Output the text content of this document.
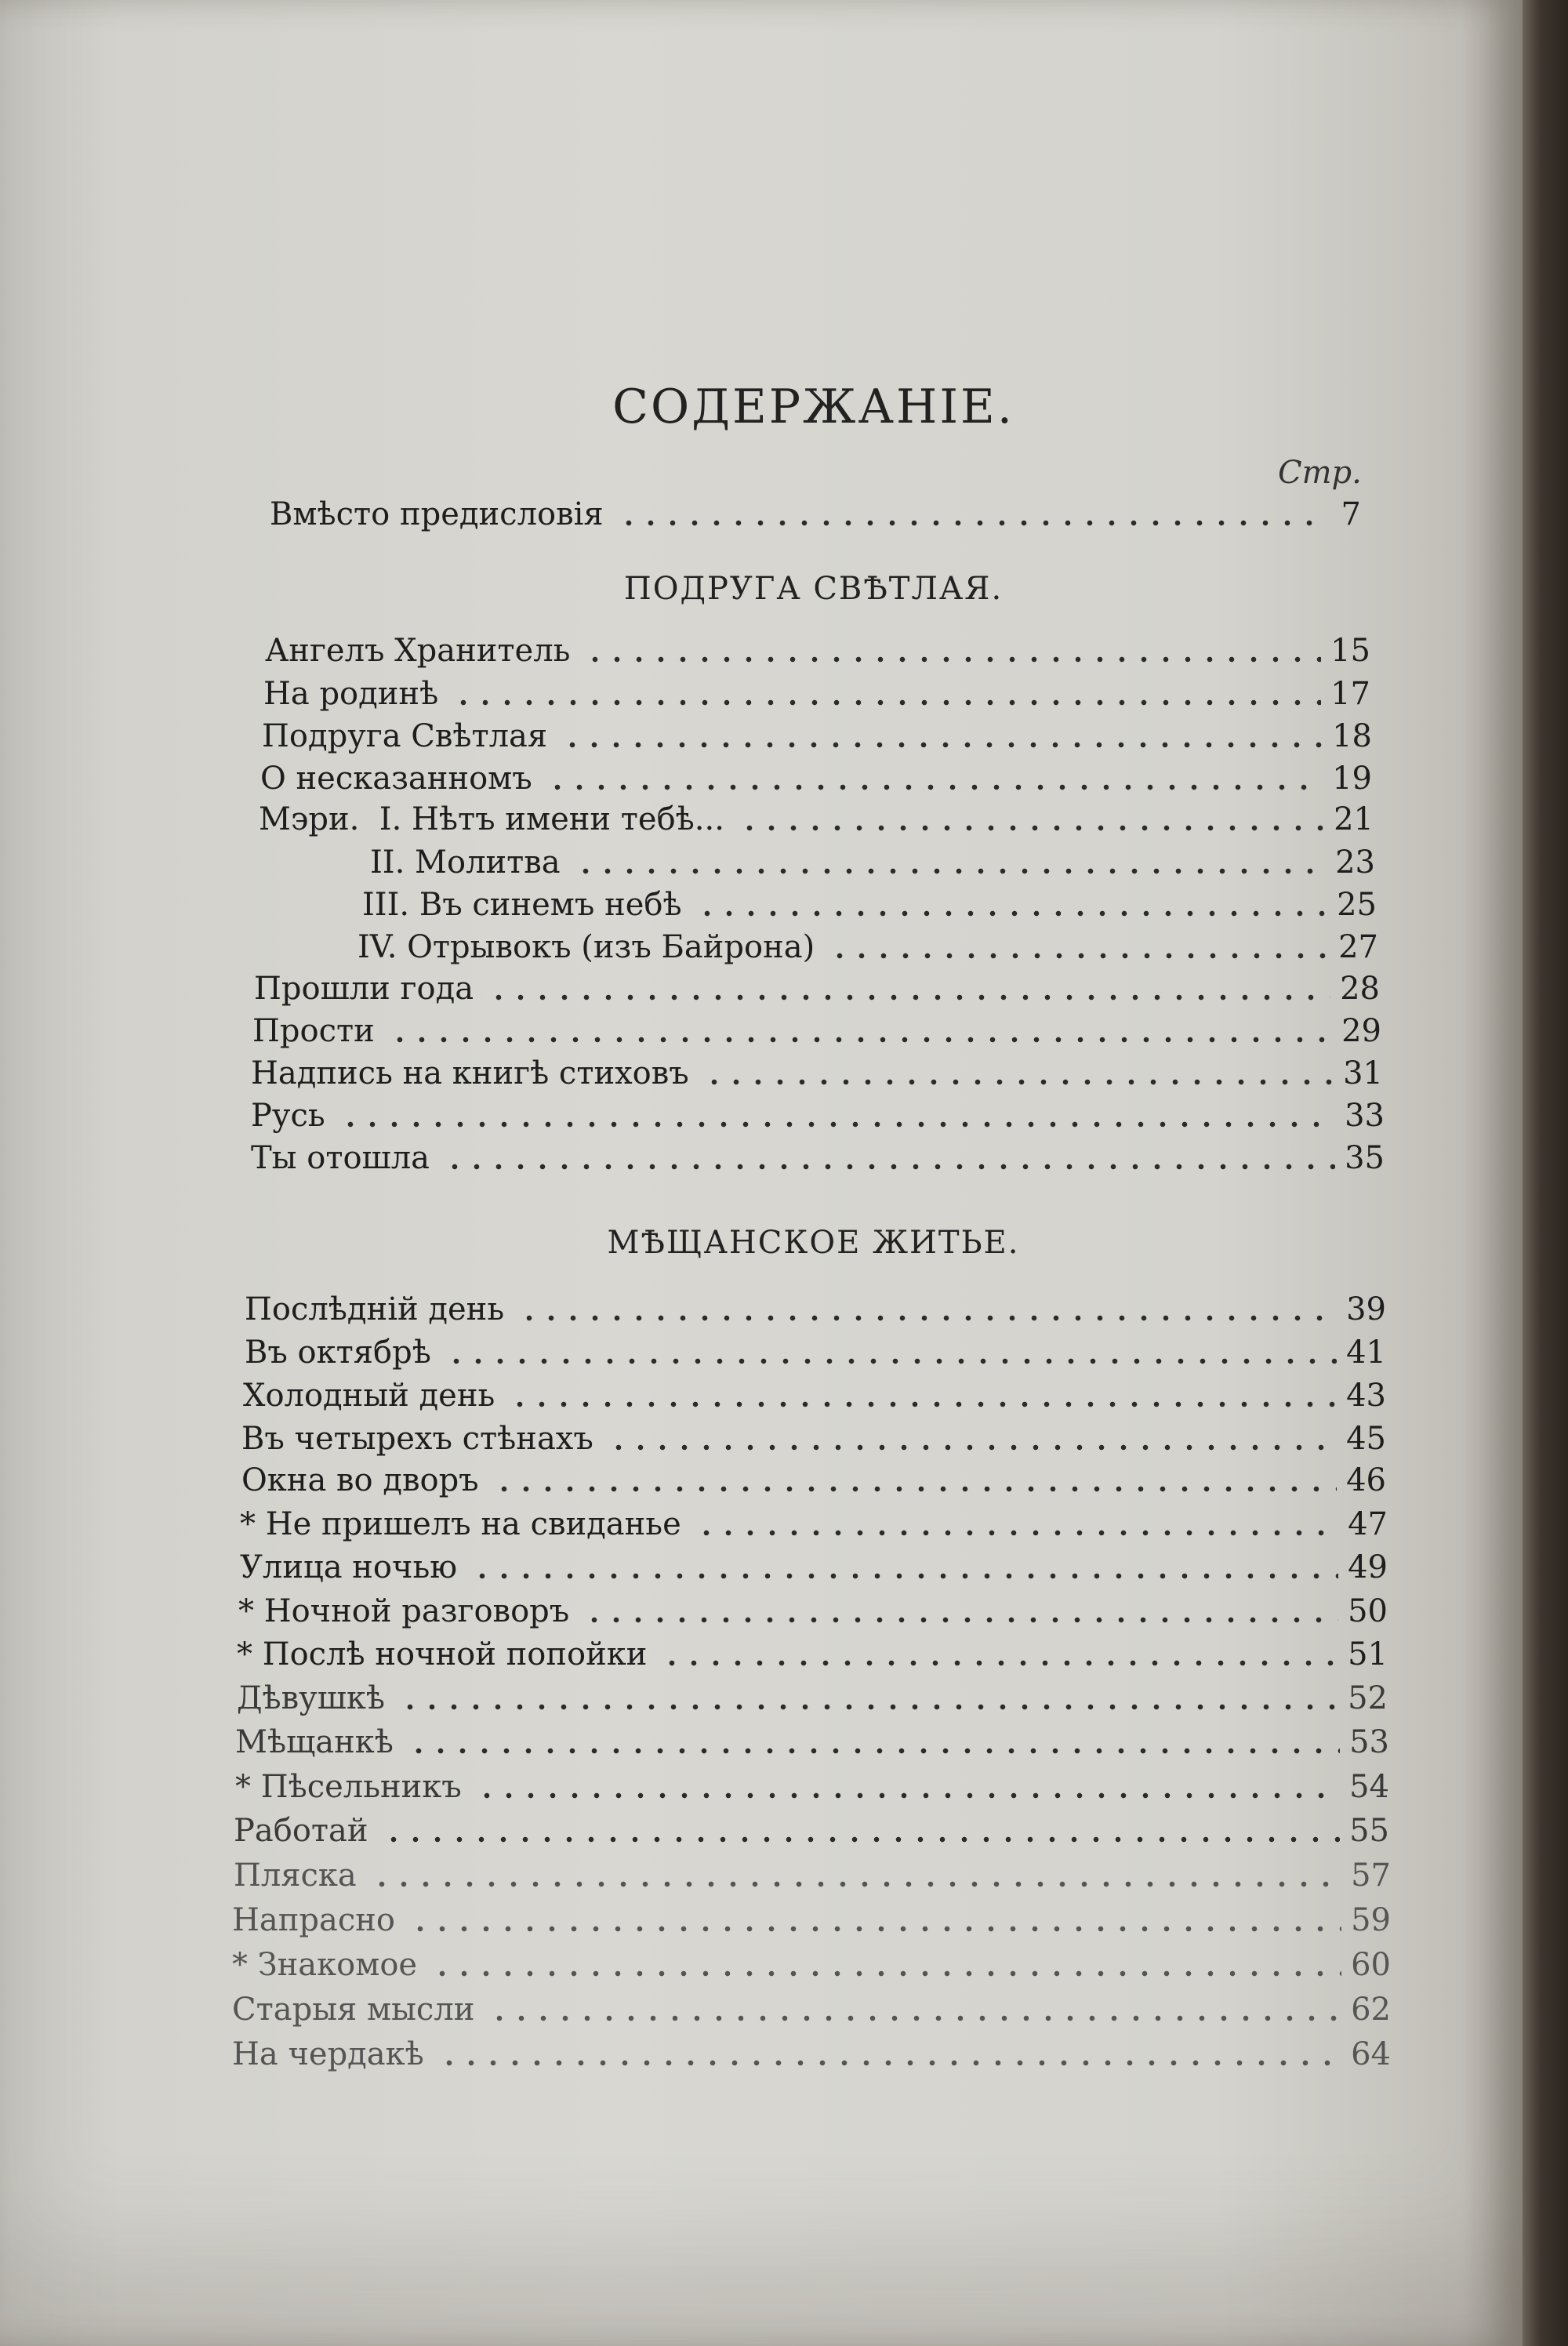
СОДЕРЖАНІЕ.
Стр.
Вмѣсто предисловія	7
ПОДРУГА СВѢТЛАЯ.
Ангелъ Хранитель	15
На родинѣ	17
Подруга Свѣтлая	18
О несказанномъ	19
Мэри.  I. Нѣтъ имени тебѣ...	21
II. Молитва	23
III. Въ синемъ небѣ	25
IV. Отрывокъ (изъ Байрона)	27
Прошли года	28
Прости	29
Надпись на книгѣ стиховъ	31
Русь	33
Ты отошла	35
МѢЩАНСКОЕ ЖИТЬЕ.
Послѣдній день	39
Въ октябрѣ	41
Холодный день	43
Въ четырехъ стѣнахъ	45
Окна во дворъ	46
* Не пришелъ на свиданье	47
Улица ночью	49
* Ночной разговоръ	50
* Послѣ ночной попойки	51
Дѣвушкѣ	52
Мѣщанкѣ	53
* Пѣсельникъ	54
Работай	55
Пляска	57
Напрасно	59
* Знакомое	60
Старыя мысли	62
На чердакѣ	64
